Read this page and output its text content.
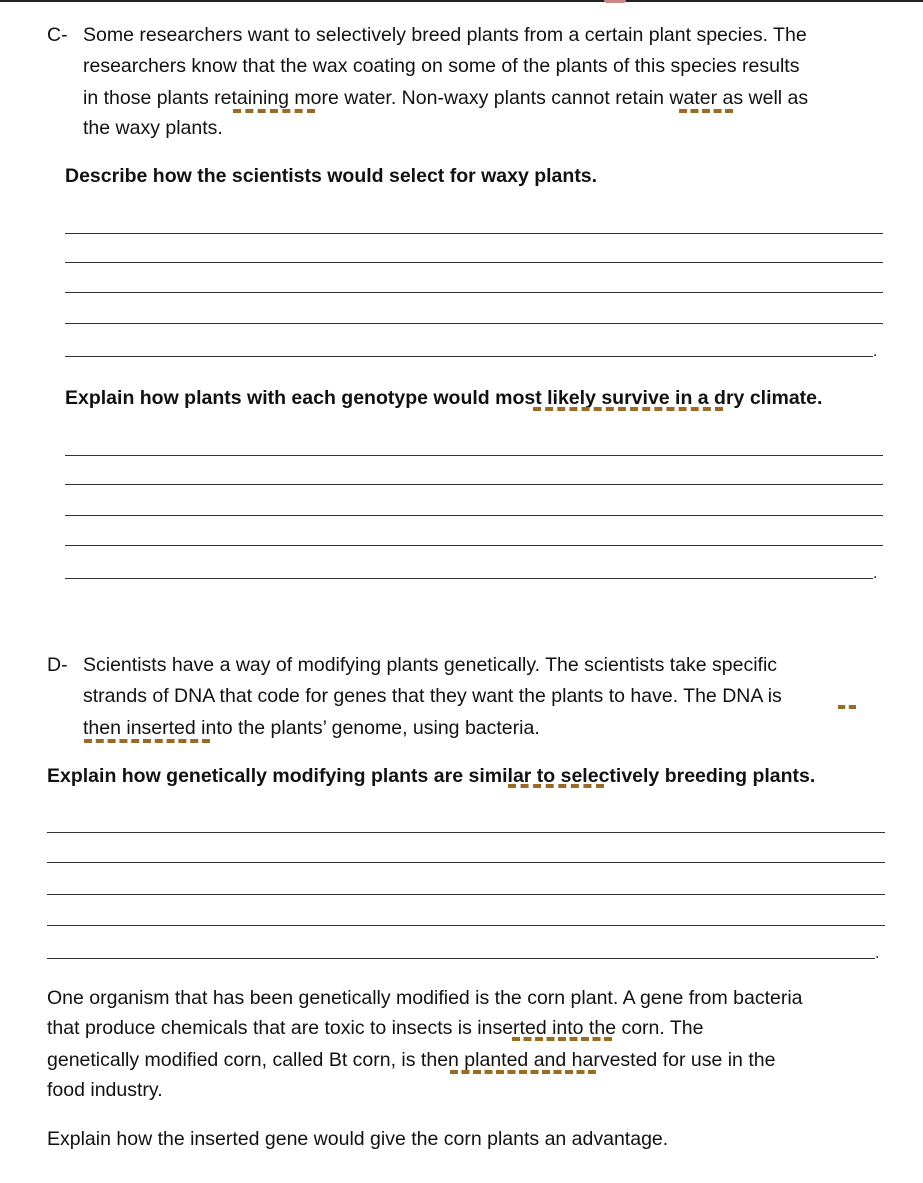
C- Some researchers want to selectively breed plants from a certain plant species. The
researchers know that the wax coating on some of the plants of this species results
in those plants retaining more water. Non-waxy plants cannot retain water as well as
the waxy plants.
Describe how the scientists would select for waxy plants.
.
Explain how plants with each genotype would most likely survive in a dry climate.
.
D- Scientists have a way of modifying plants genetically. The scientists take specific
strands of DNA that code for genes that they want the plants to have. The DNA is
then inserted into the plants’ genome, using bacteria.
Explain how genetically modifying plants are similar to selectively breeding plants.
.
One organism that has been genetically modified is the corn plant. A gene from bacteria
that produce chemicals that are toxic to insects is inserted into the corn. The
genetically modified corn, called Bt corn, is then planted and harvested for use in the
food industry.
Explain how the inserted gene would give the corn plants an advantage.
